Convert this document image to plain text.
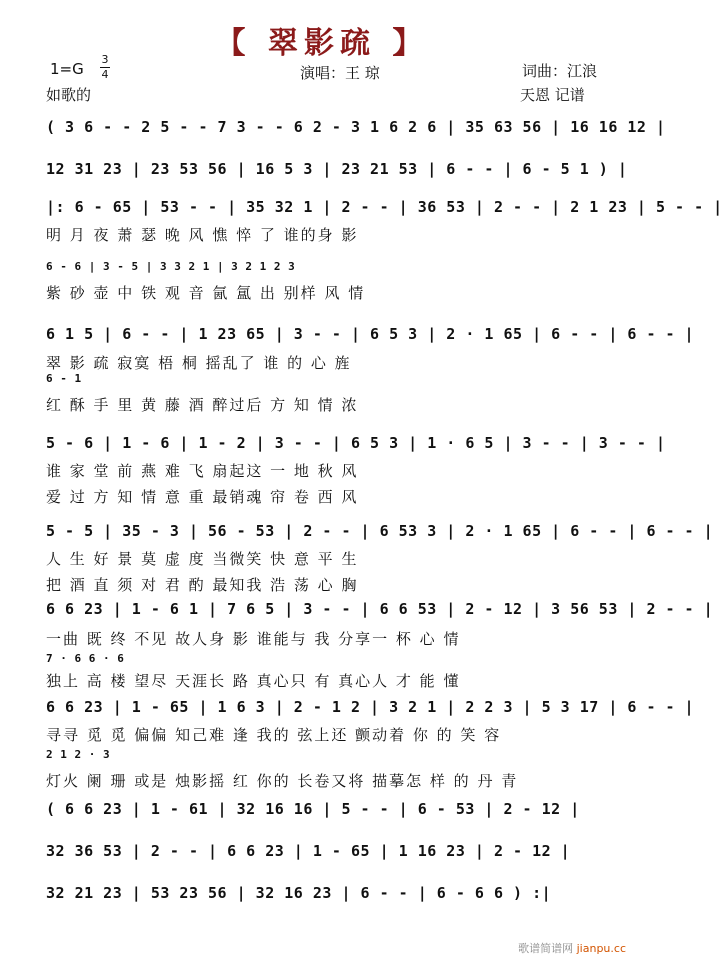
【 翠影疏 】
1=G
3
4	演唱：王 琼	词曲：江浪
如歌的	天恩 记谱
( 3 6 - - 2 5 - - 7 3 - - 6 2 - 3 1 6 2 6 | 35 63 56 | 16 16 12 |
12 31 23 | 23 53 56 | 16 5 3 | 23 21 53 | 6 - - | 6 - 5 1 ) |
|: 6 - 65 | 53 - - | 35 32 1 | 2 - - | 36 53 | 2 - - | 2 1 23 | 5 - - |
明 月 夜 萧 瑟 晚 风 憔 悴 了 谁的身 影
6 - 6 | 3 - 5 | 3 3 2 1 | 3 2 1 2 3
紫 砂 壶 中 铁 观 音 氤 氲 出 别样 风 情
6 1 5 | 6 - - | 1 23 65 | 3 - - | 6 5 3 | 2 · 1 65 | 6 - - | 6 - - |
翠 影 疏 寂寞 梧 桐 摇乱了 谁 的 心 旌
6 - 1
红 酥 手 里 黄 藤 酒 醉过后 方 知 情 浓
5 - 6 | 1 - 6 | 1 - 2 | 3 - - | 6 5 3 | 1 · 6 5 | 3 - - | 3 - - |
谁 家 堂 前 燕 难 飞 扇起这 一 地 秋 风
爱 过 方 知 情 意 重 最销魂 帘 卷 西 风
5 - 5 | 35 - 3 | 56 - 53 | 2 - - | 6 53 3 | 2 · 1 65 | 6 - - | 6 - - |
人 生 好 景 莫 虚 度 当微笑 快 意 平 生
把 酒 直 须 对 君 酌 最知我 浩 荡 心 胸
6 6 23 | 1 - 6 1 | 7 6 5 | 3 - - | 6 6 53 | 2 - 12 | 3 56 53 | 2 - - |
一曲 既 终 不见 故人身 影 谁能与 我 分享一 杯 心 情
7 · 6 6 · 6
独上 高 楼 望尽 天涯长 路 真心只 有 真心人 才 能 懂
6 6 23 | 1 - 65 | 1 6 3 | 2 - 1 2 | 3 2 1 | 2 2 3 | 5 3 17 | 6 - - |
寻寻 觅 觅 偏偏 知己难 逢 我的 弦上还 颤动着 你 的 笑 容
2 1 2 · 3
灯火 阑 珊 或是 烛影摇 红 你的 长卷又将 描摹怎 样 的 丹 青
( 6 6 23 | 1 - 61 | 32 16 16 | 5 - - | 6 - 53 | 2 - 12 |
32 36 53 | 2 - - | 6 6 23 | 1 - 65 | 1 16 23 | 2 - 12 |
32 21 23 | 53 23 56 | 32 16 23 | 6 - - | 6 - 6 6 ) :|
歌谱简谱网 jianpu.cc
